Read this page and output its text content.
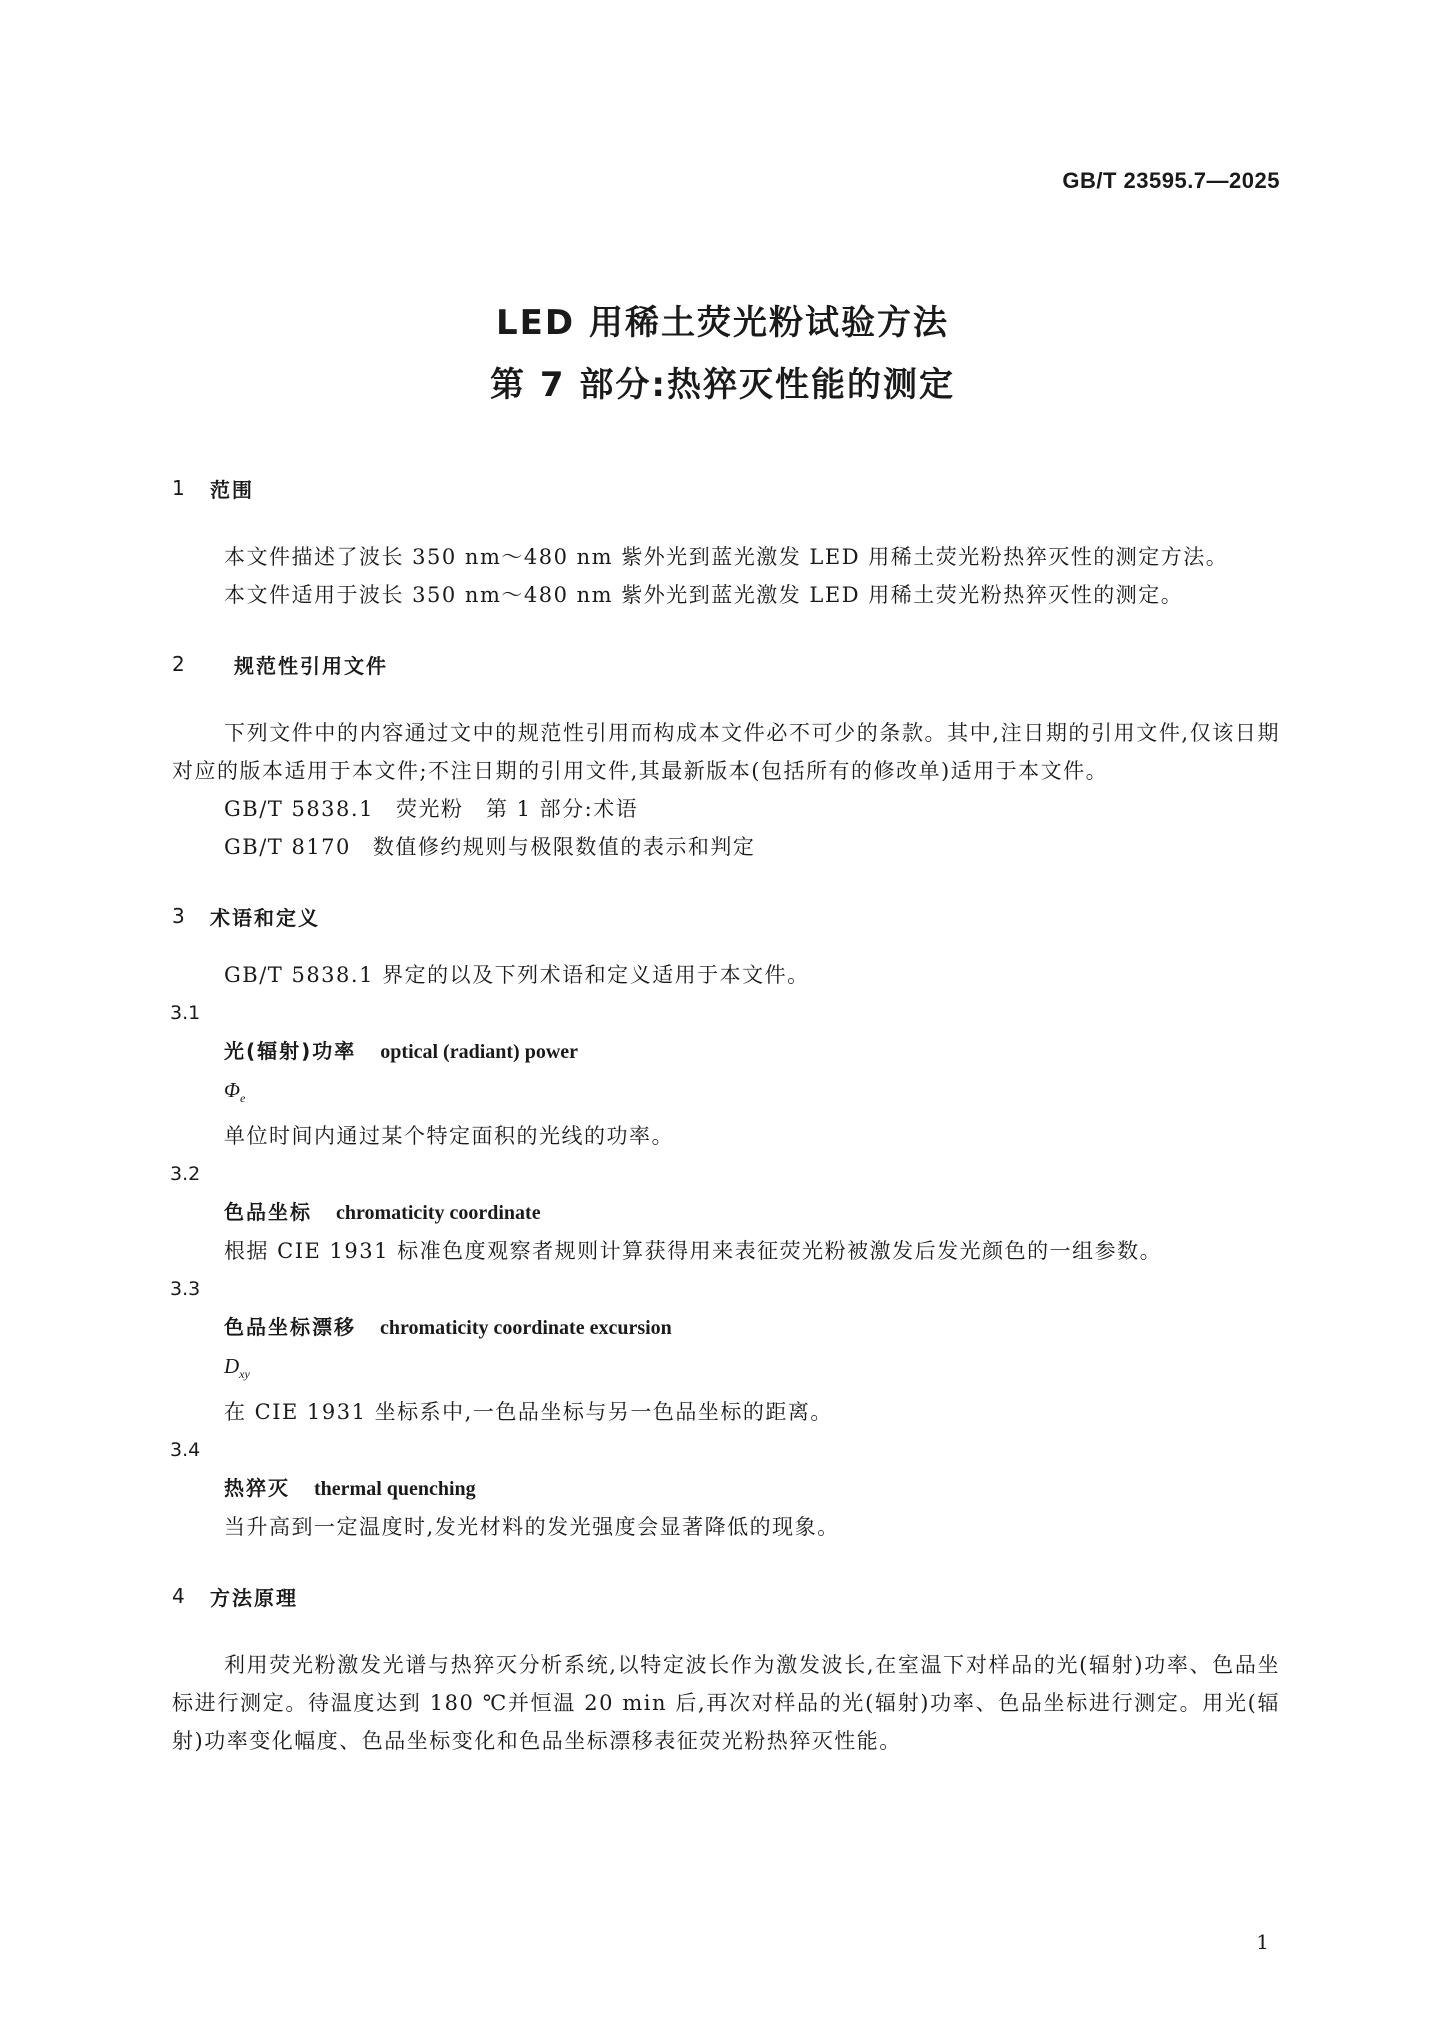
GB/T 23595.7—2025
LED 用稀土荧光粉试验方法
第 7 部分:热猝灭性能的测定
1	范围

本文件描述了波长 350 nm～480 nm 紫外光到蓝光激发 LED 用稀土荧光粉热猝灭性的测定方法。

本文件适用于波长 350 nm～480 nm 紫外光到蓝光激发 LED 用稀土荧光粉热猝灭性的测定。

2	规范性引用文件

下列文件中的内容通过文中的规范性引用而构成本文件必不可少的条款。其中,注日期的引用文件,仅该日期对应的版本适用于本文件;不注日期的引用文件,其最新版本(包括所有的修改单)适用于本文件。

GB/T 5838.1 荧光粉　第 1 部分:术语
GB/T 8170 数值修约规则与极限数值的表示和判定
3	术语和定义

GB/T 5838.1 界定的以及下列术语和定义适用于本文件。

3.1
光(辐射)功率 optical (radiant) power
$\Phi_e$
单位时间内通过某个特定面积的光线的功率。
3.2
色品坐标 chromaticity coordinate
根据 CIE 1931 标准色度观察者规则计算获得用来表征荧光粉被激发后发光颜色的一组参数。
3.3
色品坐标漂移 chromaticity coordinate excursion
$D_{xy}$
在 CIE 1931 坐标系中,一色品坐标与另一色品坐标的距离。
3.4
热猝灭 thermal quenching
当升高到一定温度时,发光材料的发光强度会显著降低的现象。
4	方法原理

利用荧光粉激发光谱与热猝灭分析系统,以特定波长作为激发波长,在室温下对样品的光(辐射)功率、色品坐标进行测定。待温度达到 180 ℃并恒温 20 min 后,再次对样品的光(辐射)功率、色品坐标进行测定。用光(辐射)功率变化幅度、色品坐标变化和色品坐标漂移表征荧光粉热猝灭性能。

1
